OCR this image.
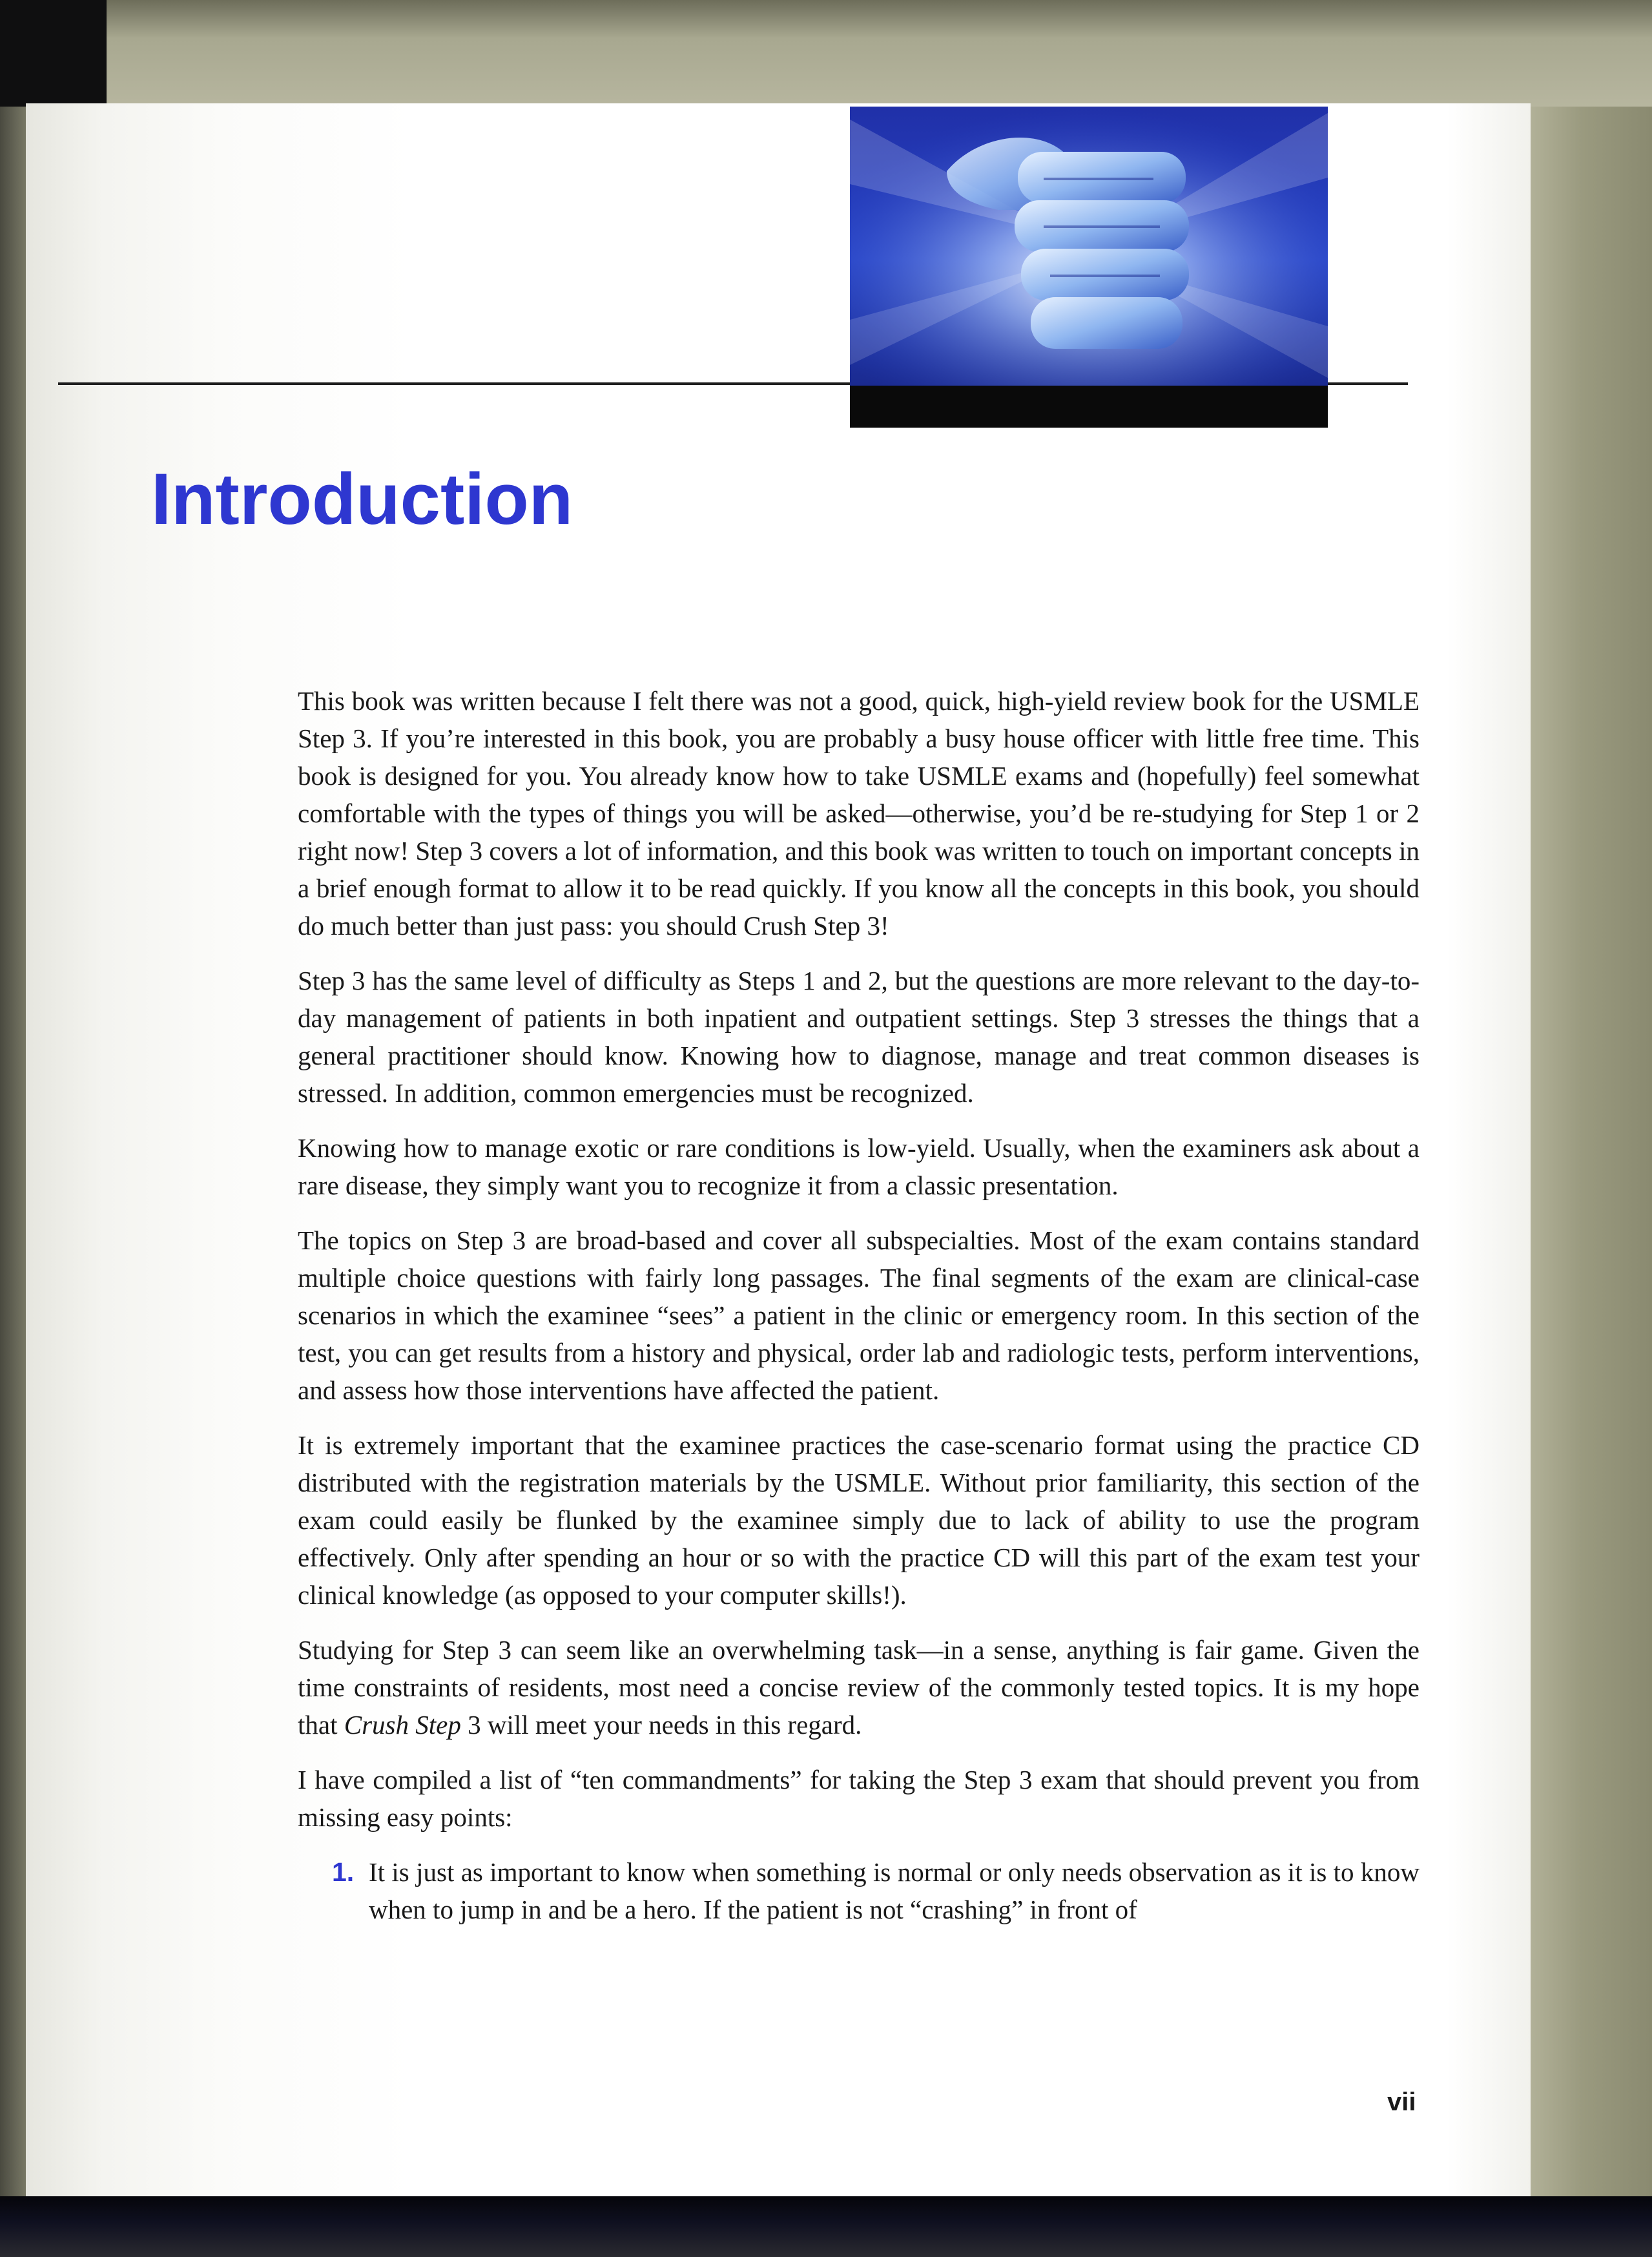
Introduction

This book was written because I felt there was not a good, quick, high-yield review book for the USMLE Step 3. If you’re interested in this book, you are probably a busy house officer with little free time. This book is designed for you. You already know how to take USMLE exams and (hopefully) feel somewhat comfortable with the types of things you will be asked—otherwise, you’d be re-studying for Step 1 or 2 right now! Step 3 covers a lot of information, and this book was written to touch on important concepts in a brief enough format to allow it to be read quickly. If you know all the concepts in this book, you should do much better than just pass: you should Crush Step 3!

Step 3 has the same level of difficulty as Steps 1 and 2, but the questions are more relevant to the day-to-day management of patients in both inpatient and outpatient settings. Step 3 stresses the things that a general practitioner should know. Knowing how to diagnose, manage and treat common diseases is stressed. In addition, common emergencies must be recognized.

Knowing how to manage exotic or rare conditions is low-yield. Usually, when the examiners ask about a rare disease, they simply want you to recognize it from a classic presentation.

The topics on Step 3 are broad-based and cover all subspecialties. Most of the exam contains standard multiple choice questions with fairly long passages. The final segments of the exam are clinical-case scenarios in which the examinee “sees” a patient in the clinic or emergency room. In this section of the test, you can get results from a history and physical, order lab and radiologic tests, perform interventions, and assess how those interventions have affected the patient.

It is extremely important that the examinee practices the case-scenario format using the practice CD distributed with the registration materials by the USMLE. Without prior familiarity, this section of the exam could easily be flunked by the examinee simply due to lack of ability to use the program effectively. Only after spending an hour or so with the practice CD will this part of the exam test your clinical knowledge (as opposed to your computer skills!).

Studying for Step 3 can seem like an overwhelming task—in a sense, anything is fair game. Given the time constraints of residents, most need a concise review of the commonly tested topics. It is my hope that Crush Step 3 will meet your needs in this regard.

I have compiled a list of “ten commandments” for taking the Step 3 exam that should prevent you from missing easy points:

1. It is just as important to know when something is normal or only needs observation as it is to know when to jump in and be a hero. If the patient is not “crashing” in front of
vii
